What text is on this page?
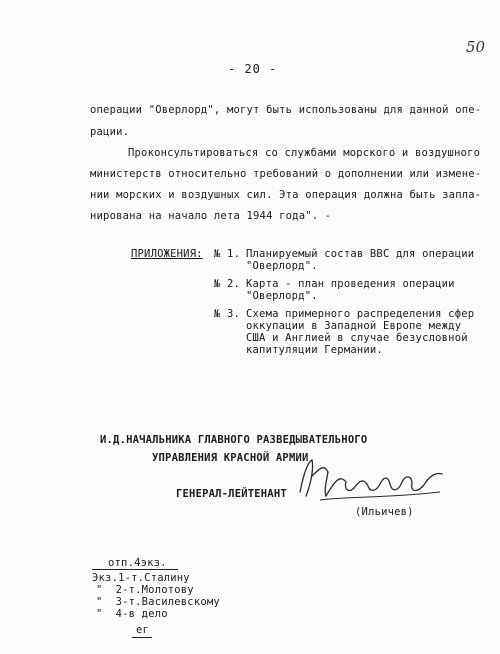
50
- 20 -
операции "Оверлорд", могут быть использованы для данной опе-
рации.
Проконсультироваться со службами морского и воздушного
министерств относительно требований о дополнении или измене-
нии морских и воздушных сил. Эта операция должна быть запла-
нирована на начало лета 1944 года". -
ПРИЛОЖЕНИЯ: № 1. Планируемый состав ВВС для операции
"Оверлорд".
№ 2. Карта - план проведения операции
"Оверлорд".
№ 3. Схема примерного распределения сфер
оккупации в Западной Европе между
США и Англией в случае безусловной
капитуляции Германии.
И.Д.НАЧАЛЬНИКА ГЛАВНОГО РАЗВЕДЫВАТЕЛЬНОГО
УПРАВЛЕНИЯ КРАСНОЙ АРМИИ
ГЕНЕРАЛ-ЛЕЙТЕНАНТ
(Ильичев)
отп.4экз.
Экз.1-т.Сталину
"  2-т.Молотову
"  3-т.Василевскому
"  4-в дело
ег
